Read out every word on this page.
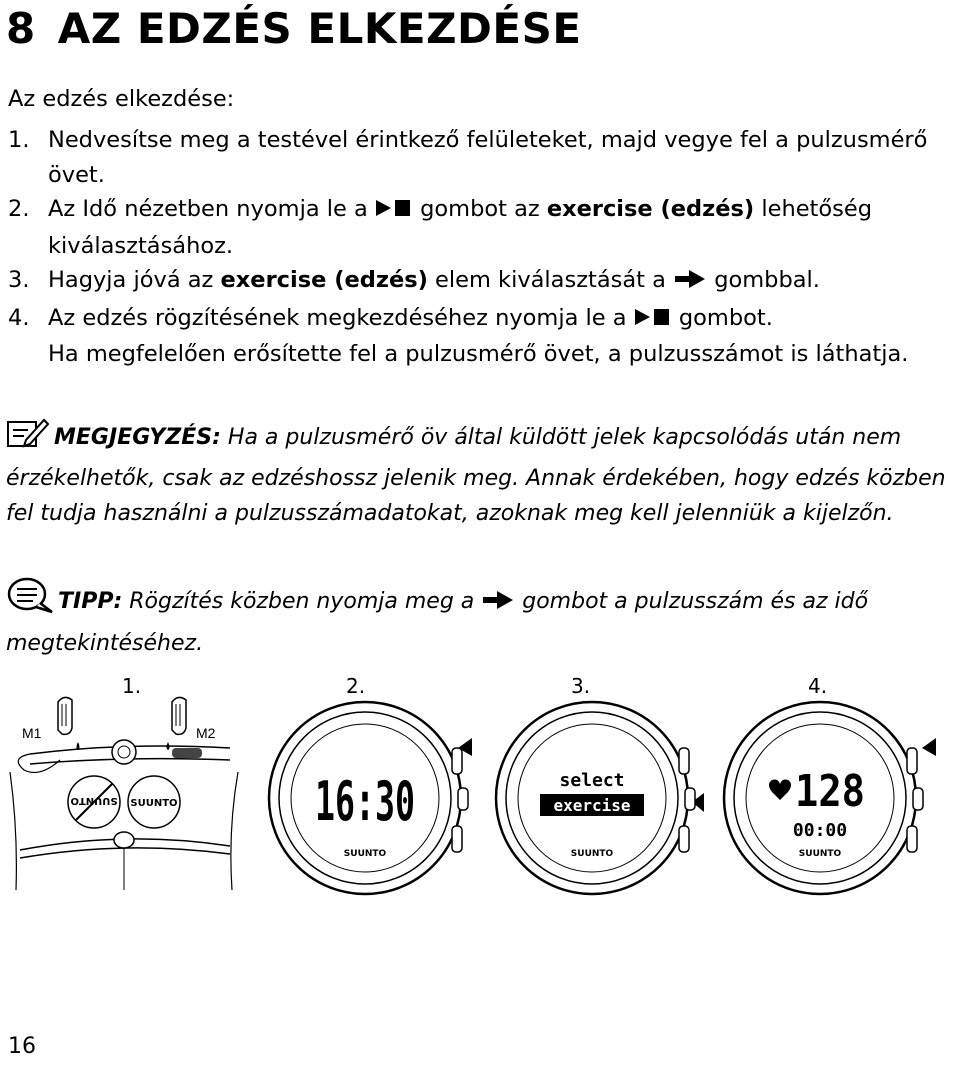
8 AZ EDZÉS ELKEZDÉSE

Az edzés elkezdése:

1. Nedvesítse meg a testével érintkező felületeket, majd vegye fel a pulzusmérő övet.
2. Az Idő nézetben nyomja le a  gombot az exercise (edzés) lehetőség kiválasztásához.
3. Hagyja jóvá az exercise (edzés) elem kiválasztását a  gombbal.
4. Az edzés rögzítésének megkezdéséhez nyomja le a  gombot.
Ha megfelelően erősítette fel a pulzusmérő övet, a pulzusszámot is láthatja.

MEGJEGYZÉS: Ha a pulzusmérő öv által küldött jelek kapcsolódás után nem érzékelhetők, csak az edzéshossz jelenik meg. Annak érdekében, hogy edzés közben fel tudja használni a pulzusszámadatokat, azoknak meg kell jelenniük a kijelzőn.

TIPP: Rögzítés közben nyomja meg a  gombot a pulzusszám és az idő megtekintéséhez.

1.	2.	3.	4.
M1	M2
SUUNTO SUUNTO	16:30
SUUNTO
select
exercise
SUUNTO
128
00:00
SUUNTO
16
